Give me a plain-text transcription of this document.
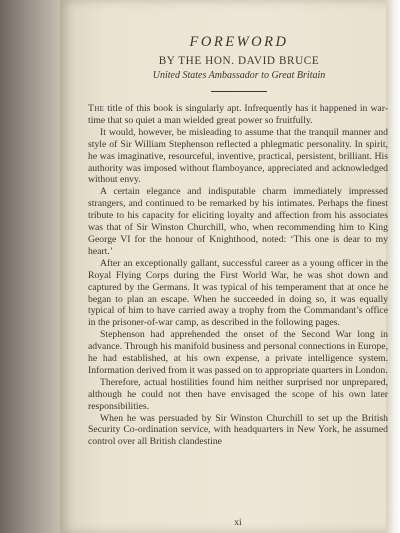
FOREWORD
BY THE HON. DAVID BRUCE
United States Ambassador to Great Britain

The title of this book is singularly apt. Infrequently has it happened in war-time that so quiet a man wielded great power so fruitfully.

It would, however, be misleading to assume that the tranquil manner and style of Sir William Stephenson reflected a phlegmatic personality. In spirit, he was imaginative, resourceful, inventive, practical, persistent, brilliant. His authority was imposed without flamboyance, appreciated and acknowledged without envy.

A certain elegance and indisputable charm immediately impressed strangers, and continued to be remarked by his intimates. Perhaps the finest tribute to his capacity for eliciting loyalty and affection from his associates was that of Sir Winston Churchill, who, when recommending him to King George VI for the honour of Knighthood, noted: ‘This one is dear to my heart.’

After an exceptionally gallant, successful career as a young officer in the Royal Flying Corps during the First World War, he was shot down and captured by the Germans. It was typical of his temperament that at once he began to plan an escape. When he succeeded in doing so, it was equally typical of him to have carried away a trophy from the Commandant’s office in the prisoner-of-war camp, as described in the following pages.

Stephenson had apprehended the onset of the Second War long in advance. Through his manifold business and personal connections in Europe, he had established, at his own expense, a private intelligence system. Information derived from it was passed on to appropriate quarters in London.

Therefore, actual hostilities found him neither surprised nor unprepared, although he could not then have envisaged the scope of his own later responsibilities.

When he was persuaded by Sir Winston Churchill to set up the British Security Co-ordination service, with headquarters in New York, he assumed control over all British clandestine

xi
